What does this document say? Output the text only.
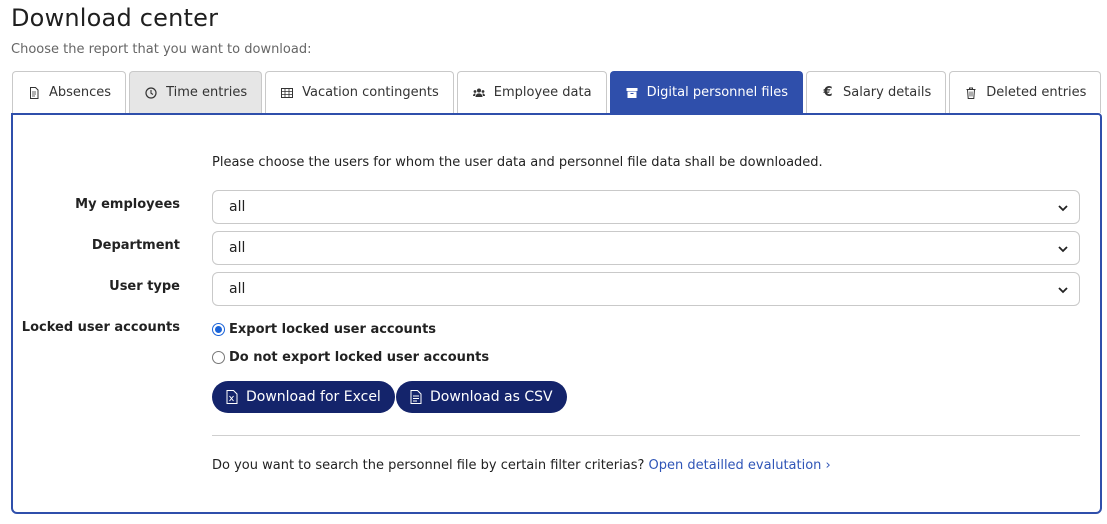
Download center
Choose the report that you want to download:
Absences	Time entries	Vacation contingents	Employee data	Digital personnel files	€ Salary details	Deleted entries
Please choose the users for whom the user data and personnel file data shall be downloaded.
My employees	all
Department	all
User type	all
Locked user accounts	Export locked user accounts
Do not export locked user accounts
Download for Excel	Download as CSV
Do you want to search the personnel file by certain filter criterias? Open detailled evalutation ›
